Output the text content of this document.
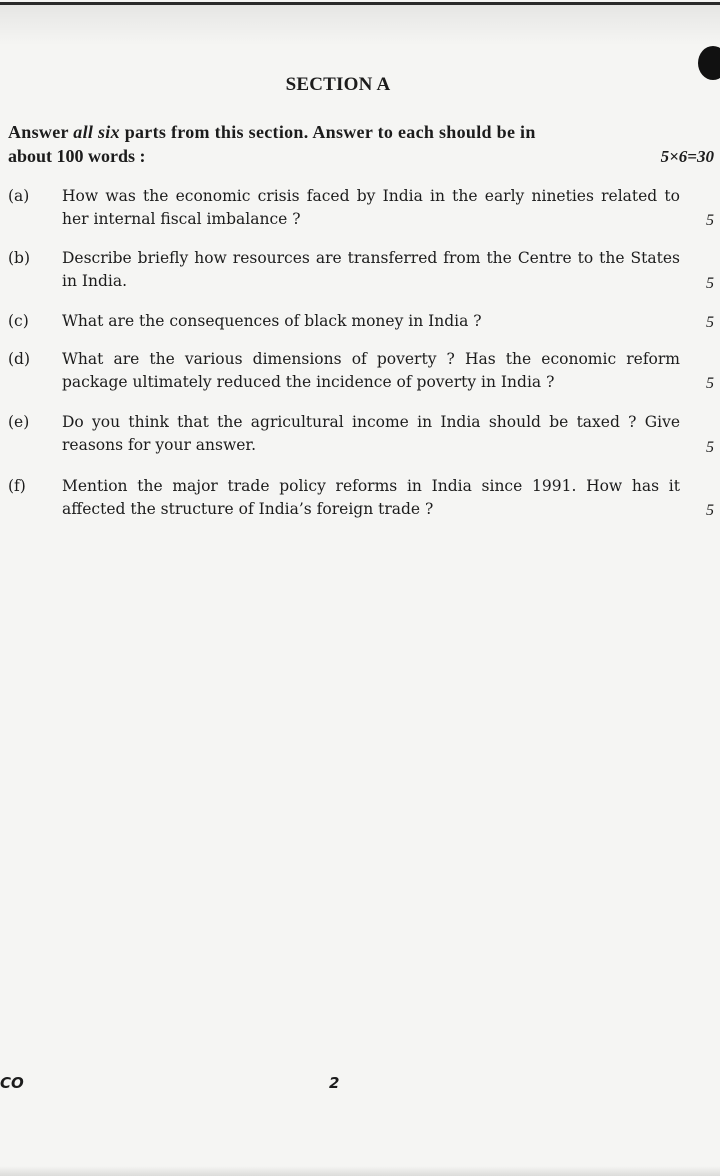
SECTION A
Answer all six parts from this section. Answer to each should be in
about 100 words :	5×6=30
(a) How was the economic crisis faced by India in the early nineties related to her internal fiscal imbalance ?	5
(b) Describe briefly how resources are transferred from the Centre to the States in India.	5
(c) What are the consequences of black money in India ?	5
(d) What are the various dimensions of poverty ? Has the economic reform package ultimately reduced the incidence of poverty in India ?	5
(e) Do you think that the agricultural income in India should be taxed ? Give reasons for your answer.	5
(f) Mention the major trade policy reforms in India since 1991. How has it affected the structure of India’s foreign trade ?	5
CO	2
